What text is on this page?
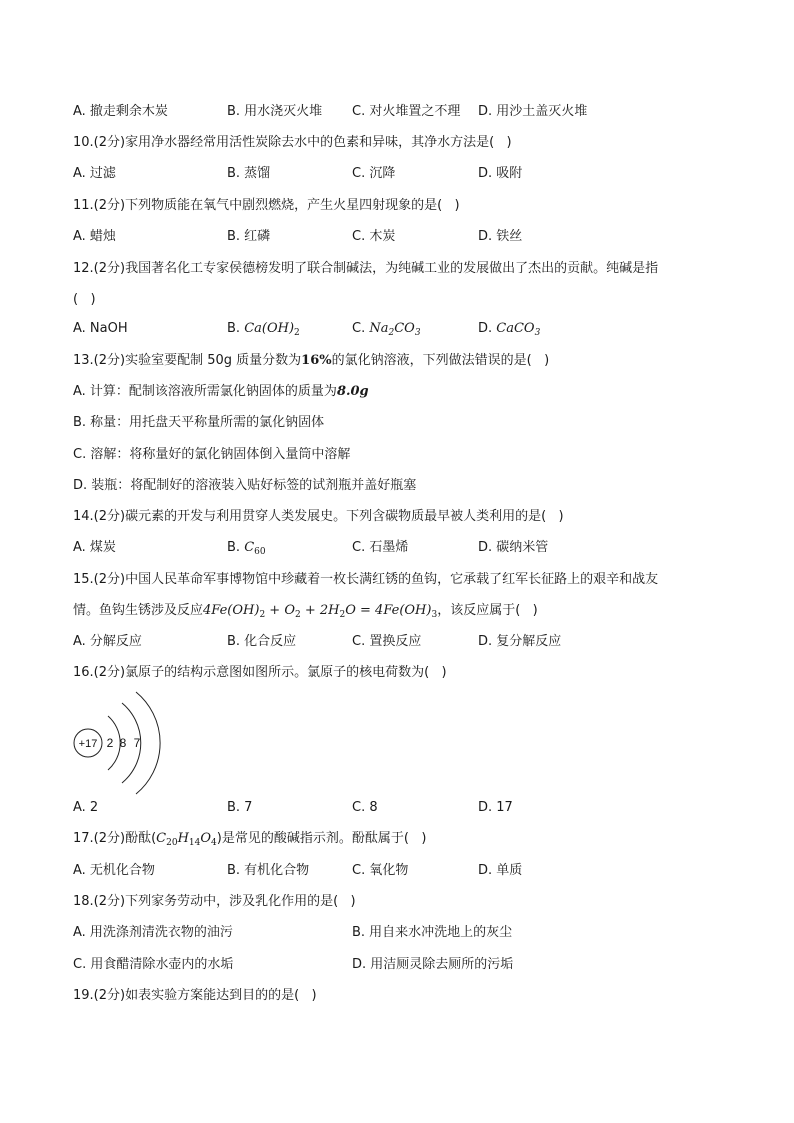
A. 撤走剩余木炭	B. 用水浇灭火堆 C. 对火堆置之不理 D. 用沙土盖灭火堆
10.(2分)家用净水器经常用活性炭除去水中的色素和异味，其净水方法是(   )
A. 过滤	B. 蒸馏	C. 沉降	D. 吸附
11.(2分)下列物质能在氧气中剧烈燃烧，产生火星四射现象的是(   )
A. 蜡烛	B. 红磷	C. 木炭	D. 铁丝
12.(2分)我国著名化工专家侯德榜发明了联合制碱法，为纯碱工业的发展做出了杰出的贡献。纯碱是指
(   )
A. NaOH	B. $Ca(OH)_2$	C. $Na_2CO_3$	D. CaCO$_3$
13.(2分)实验室要配制 50g 质量分数为16%的氯化钠溶液，下列做法错误的是(   )
A. 计算：配制该溶液所需氯化钠固体的质量为8.0g
B. 称量：用托盘天平称量所需的氯化钠固体
C. 溶解：将称量好的氯化钠固体倒入量筒中溶解
D. 装瓶：将配制好的溶液装入贴好标签的试剂瓶并盖好瓶塞
14.(2分)碳元素的开发与利用贯穿人类发展史。下列含碳物质最早被人类利用的是(   )
A. 煤炭	B. $C_{60}$	C. 石墨烯	D. 碳纳米管
15.(2分)中国人民革命军事博物馆中珍藏着一枚长满红锈的鱼钩，它承载了红军长征路上的艰辛和战友
情。鱼钩生锈涉及反应$4Fe(OH)_2 + O_2 + 2H_2O = 4Fe(OH)_3$，该反应属于(   )
A. 分解反应	B. 化合反应	C. 置换反应	D. 复分解反应
16.(2分)氯原子的结构示意图如图所示。氯原子的核电荷数为(   )
+17 2 8 7
A. 2	B. 7	C. 8	D. 17
17.(2分)酚酞$(C_{20}H_{14}O_4)$是常见的酸碱指示剂。酚酞属于(   )
A. 无机化合物	B. 有机化合物	C. 氧化物	D. 单质
18.(2分)下列家务劳动中，涉及乳化作用的是(   )
A. 用洗涤剂清洗衣物的油污	B. 用自来水冲洗地上的灰尘
C. 用食醋清除水壶内的水垢	D. 用洁厕灵除去厕所的污垢
19.(2分)如表实验方案能达到目的的是(   )
